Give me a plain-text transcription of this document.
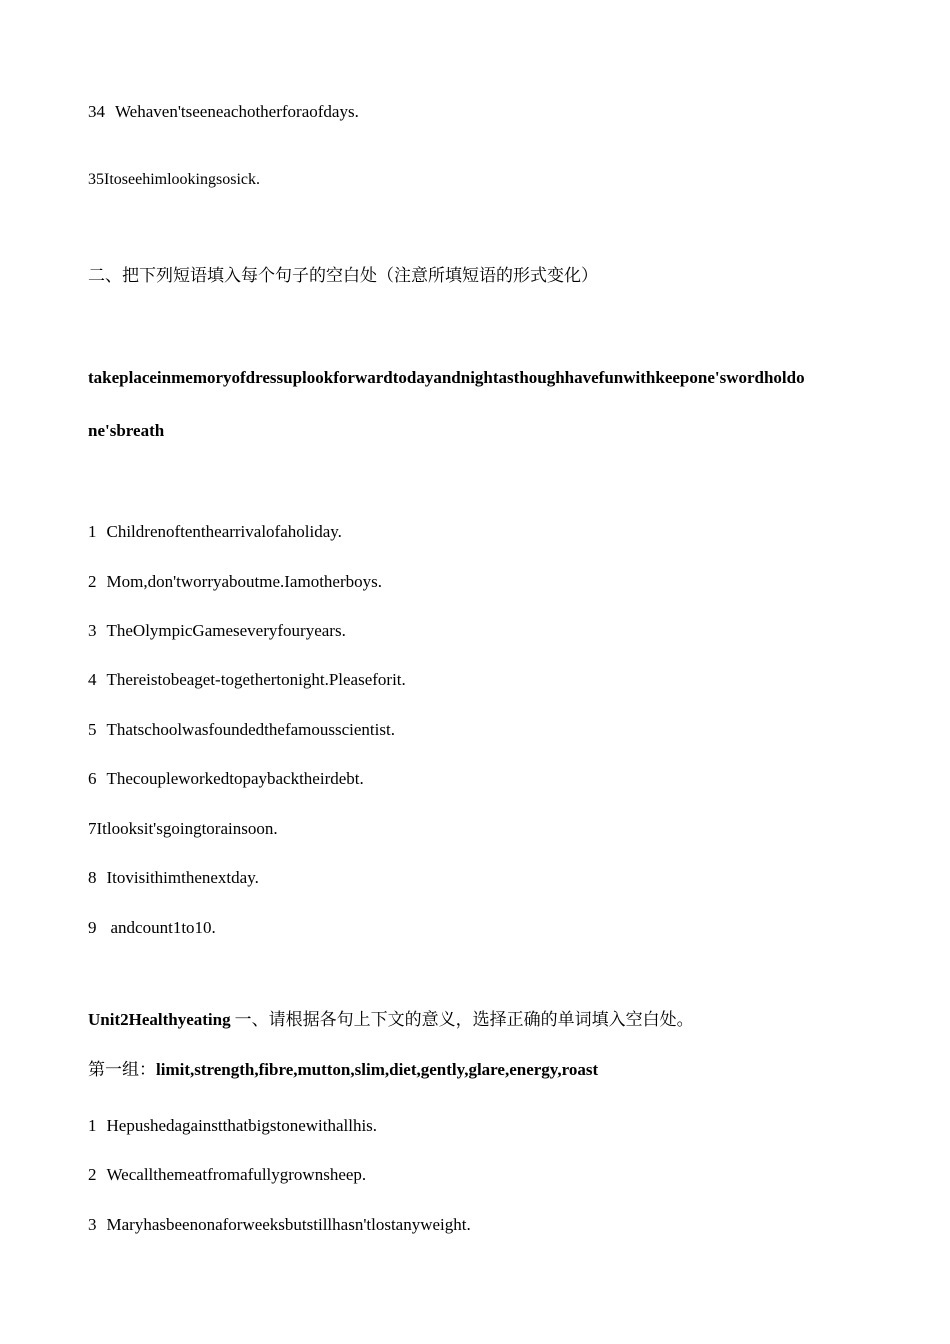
34 Wehaven'tseeneachotherforaofdays.
35Itoseehimlookingsosick.
二、把下列短语填入每个句子的空白处（注意所填短语的形式变化）
takeplaceinmemoryofdressuplookforwardtodayandnightasthoughhavefunwithkeepone'swordholdo
ne'sbreath
1 Childrenoftenthearrivalofaholiday.
2 Mom,don'tworryaboutme.Iamotherboys.
3 TheOlympicGameseveryfouryears.
4 Thereistobeaget-togethertonight.Pleaseforit.
5 Thatschoolwasfoundedthefamousscientist.
6 Thecoupleworkedtopaybacktheirdebt.
7Itlooksit'sgoingtorainsoon.
8 Itovisithimthenextday.
9 andcount1to10.
Unit2Healthyeating 一、请根据各句上下文的意义，选择正确的单词填入空白处。
第一组：limit,strength,fibre,mutton,slim,diet,gently,glare,energy,roast
1 Hepushedagainstthatbigstonewithallhis.
2 Wecallthemeatfromafullygrownsheep.
3 Maryhasbeenonaforweeksbutstillhasn'tlostanyweight.
